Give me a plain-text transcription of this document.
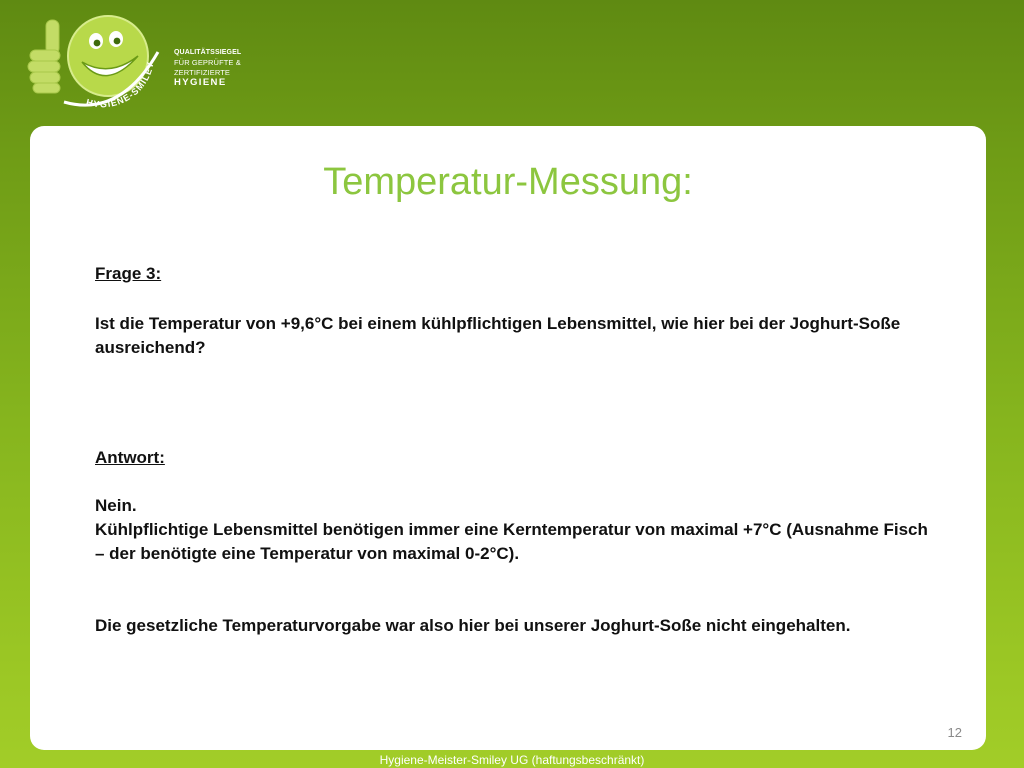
HYGIENE-SMILEY
QUALITÄTSSIEGEL
FÜR GEPRÜFTE &
ZERTIFIZIERTE
HYGIENE
Temperatur-Messung:

Frage 3:

Ist die Temperatur von +9,6°C bei einem kühlpflichtigen Lebensmittel, wie hier bei der Joghurt-Soße ausreichend?

Antwort:

Nein.

Kühlpflichtige Lebensmittel benötigen immer eine Kerntemperatur von maximal +7°C (Ausnahme Fisch – der benötigte eine Temperatur von maximal 0-2°C).

Die gesetzliche Temperaturvorgabe war also hier bei unserer Joghurt-Soße nicht eingehalten.

12
Hygiene-Meister-Smiley UG (haftungsbeschränkt)
